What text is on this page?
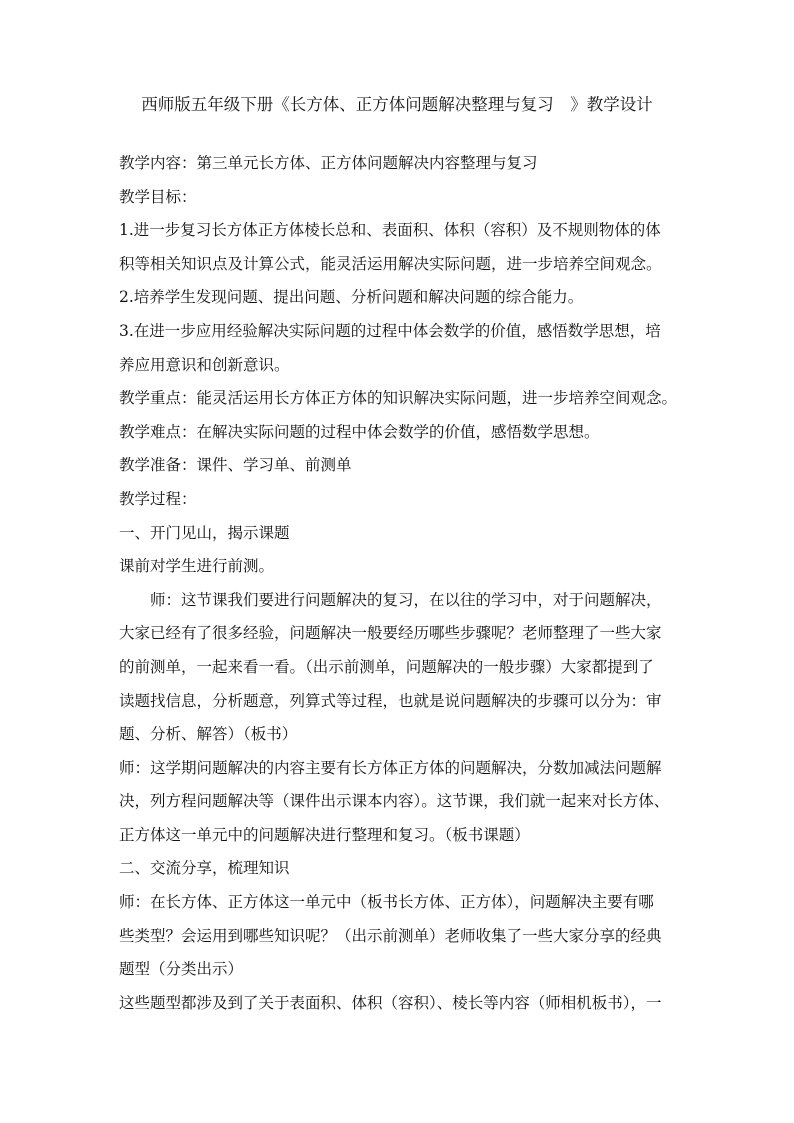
西师版五年级下册《长方体、正方体问题解决整理与复习　》教学设计

教学内容：第三单元长方体、正方体问题解决内容整理与复习

教学目标：

1.进一步复习长方体正方体棱长总和、表面积、体积（容积）及不规则物体的体

积等相关知识点及计算公式，能灵活运用解决实际问题，进一步培养空间观念。

2.培养学生发现问题、提出问题、分析问题和解决问题的综合能力。

3.在进一步应用经验解决实际问题的过程中体会数学的价值，感悟数学思想，培

养应用意识和创新意识。

教学重点：能灵活运用长方体正方体的知识解决实际问题，进一步培养空间观念。

教学难点：在解决实际问题的过程中体会数学的价值，感悟数学思想。

教学准备：课件、学习单、前测单

教学过程：

一、开门见山，揭示课题

课前对学生进行前测。

师：这节课我们要进行问题解决的复习，在以往的学习中，对于问题解决，

大家已经有了很多经验，问题解决一般要经历哪些步骤呢？老师整理了一些大家

的前测单，一起来看一看。（出示前测单，问题解决的一般步骤）大家都提到了

读题找信息，分析题意，列算式等过程，也就是说问题解决的步骤可以分为：审

题、分析、解答）（板书）

师：这学期问题解决的内容主要有长方体正方体的问题解决，分数加减法问题解

决，列方程问题解决等（课件出示课本内容）。这节课，我们就一起来对长方体、

正方体这一单元中的问题解决进行整理和复习。（板书课题）

二、交流分享，梳理知识

师：在长方体、正方体这一单元中（板书长方体、正方体），问题解决主要有哪

些类型？会运用到哪些知识呢？（出示前测单）老师收集了一些大家分享的经典

题型（分类出示）

这些题型都涉及到了关于表面积、体积（容积）、棱长等内容（师相机板书），一
